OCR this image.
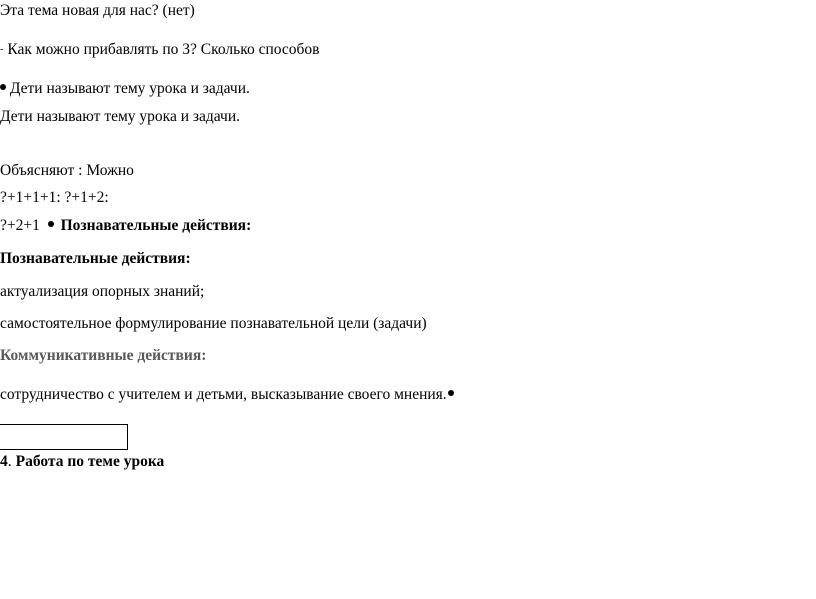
Эта тема новая для нас? (нет)
- Как можно прибавлять по 3? Сколько способов
Дети называют тему урока и задачи.
Дети называют тему урока и задачи.
Объясняют : Можно
?+1+1+1: ?+1+2:
?+2+1 Познавательные действия:
Познавательные действия:
актуализация опорных знаний;
самостоятельное формулирование познавательной цели (задачи)
Коммуникативные действия:
сотрудничество с учителем и детьми, высказывание своего мнения.
4. Работа по теме урока
